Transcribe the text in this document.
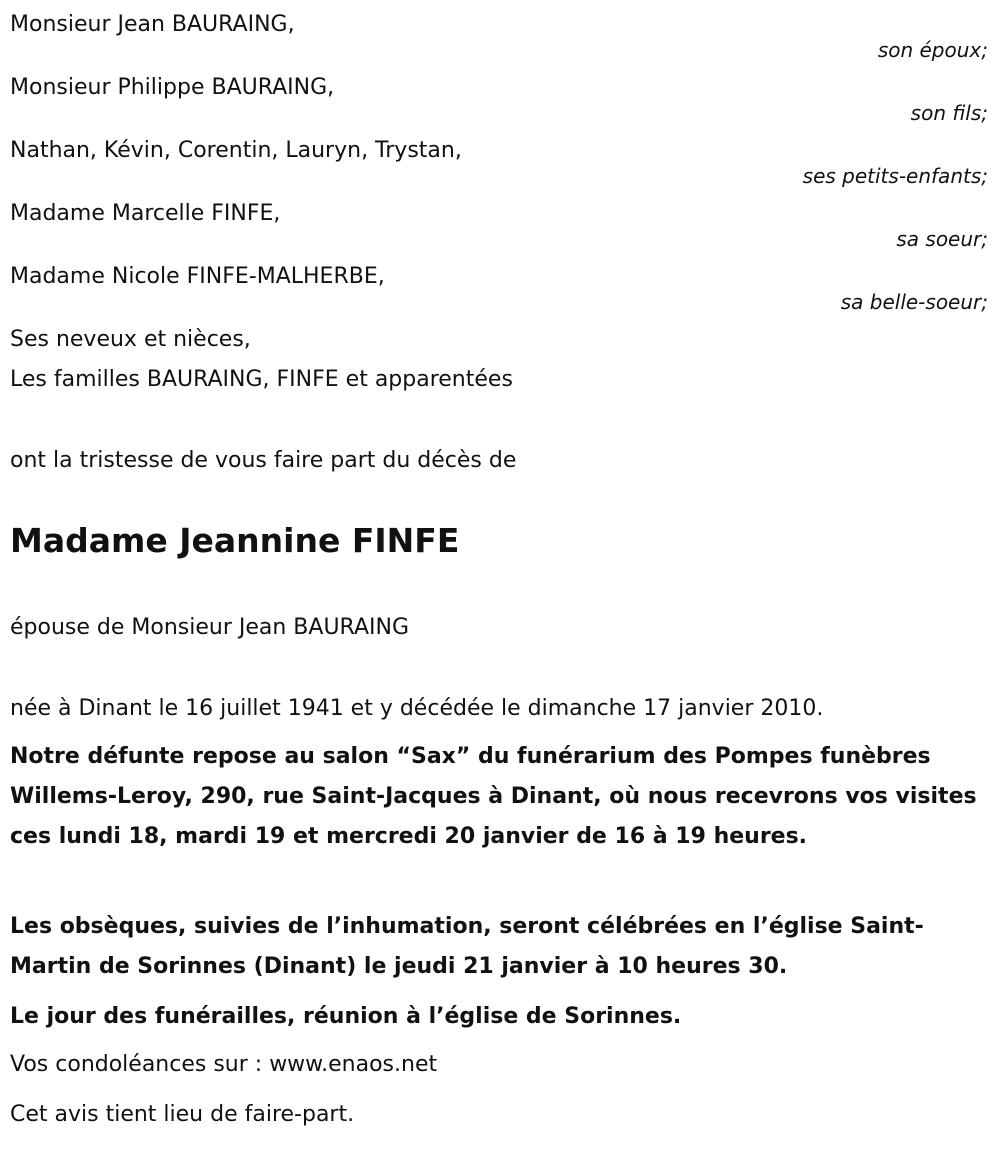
Monsieur Jean BAURAING,
son époux;
Monsieur Philippe BAURAING,
son fils;
Nathan, Kévin, Corentin, Lauryn, Trystan,
ses petits-enfants;
Madame Marcelle FINFE,
sa soeur;
Madame Nicole FINFE-MALHERBE,
sa belle-soeur;
Ses neveux et nièces,
Les familles BAURAING, FINFE et apparentées
ont la tristesse de vous faire part du décès de
Madame Jeannine FINFE
épouse de Monsieur Jean BAURAING
née à Dinant le 16 juillet 1941 et y décédée le dimanche 17 janvier 2010.
Notre défunte repose au salon “Sax” du funérarium des Pompes funèbres Willems-Leroy, 290, rue Saint-Jacques à Dinant, où nous recevrons vos visites ces lundi 18, mardi 19 et mercredi 20 janvier de 16 à 19 heures.
Les obsèques, suivies de l’inhumation, seront célébrées en l’église Saint-Martin de Sorinnes (Dinant) le jeudi 21 janvier à 10 heures 30.
Le jour des funérailles, réunion à l’église de Sorinnes.
Vos condoléances sur : www.enaos.net
Cet avis tient lieu de faire-part.
